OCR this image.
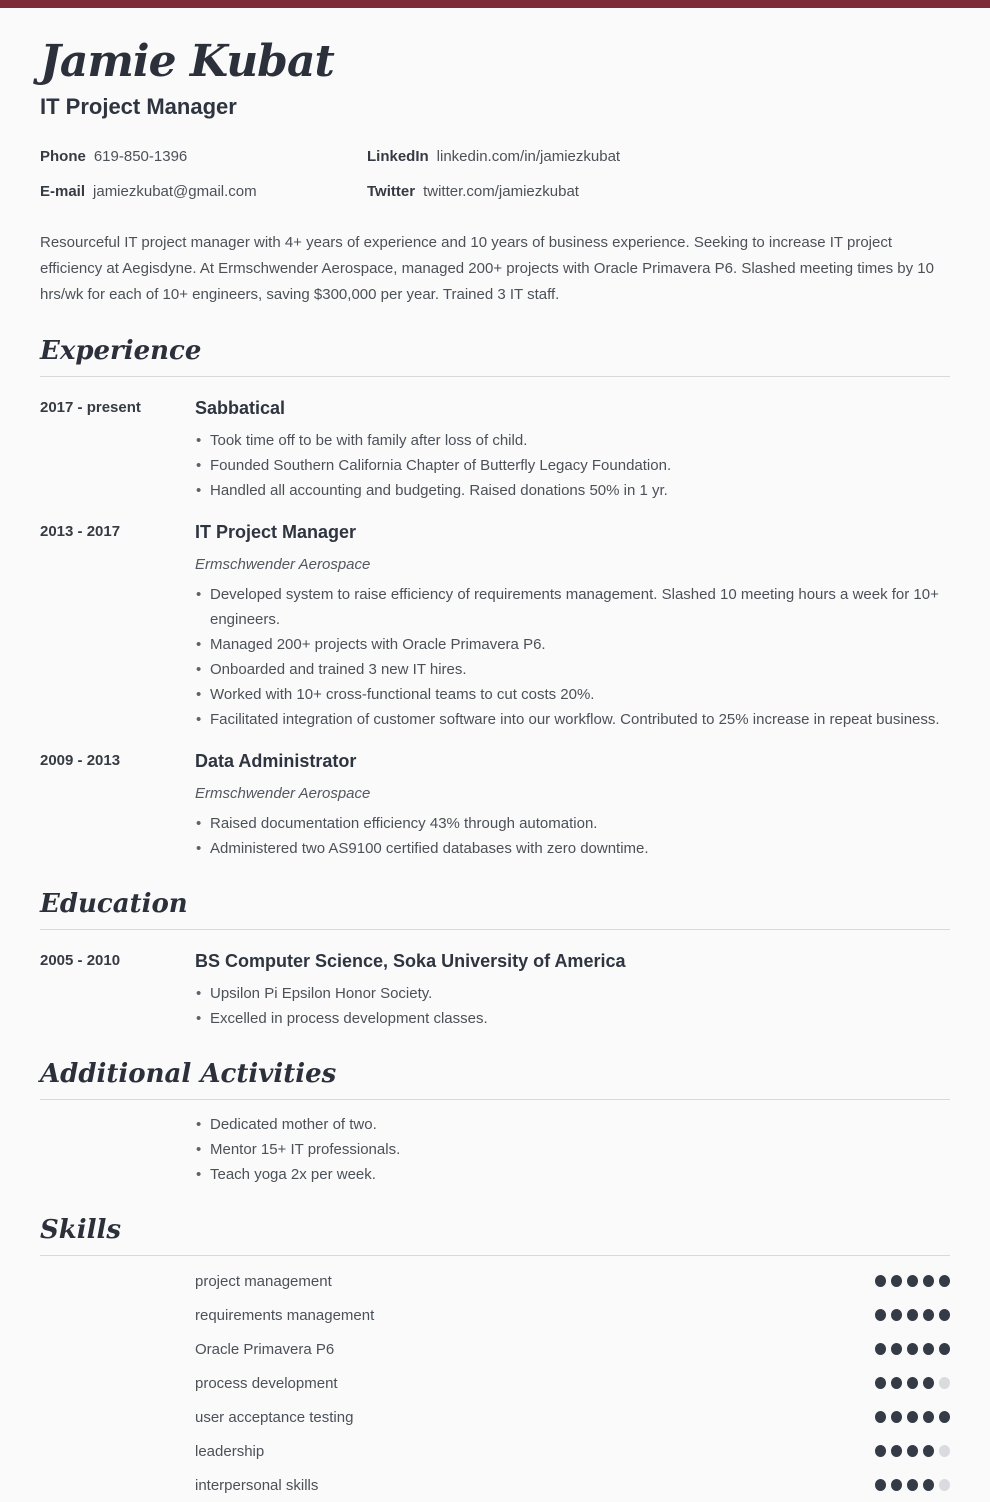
Jamie Kubat
IT Project Manager
Phone 619-850-1396	LinkedIn linkedin.com/in/jamiezkubat
E-mail jamiezkubat@gmail.com	Twitter twitter.com/jamiezkubat

Resourceful IT project manager with 4+ years of experience and 10 years of business experience. Seeking to increase IT project efficiency at Aegisdyne. At Ermschwender Aerospace, managed 200+ projects with Oracle Primavera P6. Slashed meeting times by 10 hrs/wk for each of 10+ engineers, saving $300,000 per year. Trained 3 IT staff.

Experience
2017 - present	Sabbatical
• Took time off to be with family after loss of child.
• Founded Southern California Chapter of Butterfly Legacy Foundation.
• Handled all accounting and budgeting. Raised donations 50% in 1 yr.
2013 - 2017	IT Project Manager
Ermschwender Aerospace
• Developed system to raise efficiency of requirements management. Slashed 10 meeting hours a week for 10+ engineers.
• Managed 200+ projects with Oracle Primavera P6.
• Onboarded and trained 3 new IT hires.
• Worked with 10+ cross-functional teams to cut costs 20%.
• Facilitated integration of customer software into our workflow. Contributed to 25% increase in repeat business.
2009 - 2013	Data Administrator
Ermschwender Aerospace
• Raised documentation efficiency 43% through automation.
• Administered two AS9100 certified databases with zero downtime.
Education
2005 - 2010	BS Computer Science, Soka University of America
• Upsilon Pi Epsilon Honor Society.
• Excelled in process development classes.
Additional Activities
• Dedicated mother of two.
• Mentor 15+ IT professionals.
• Teach yoga 2x per week.
Skills
project management
requirements management
Oracle Primavera P6
process development
user acceptance testing
leadership
interpersonal skills
